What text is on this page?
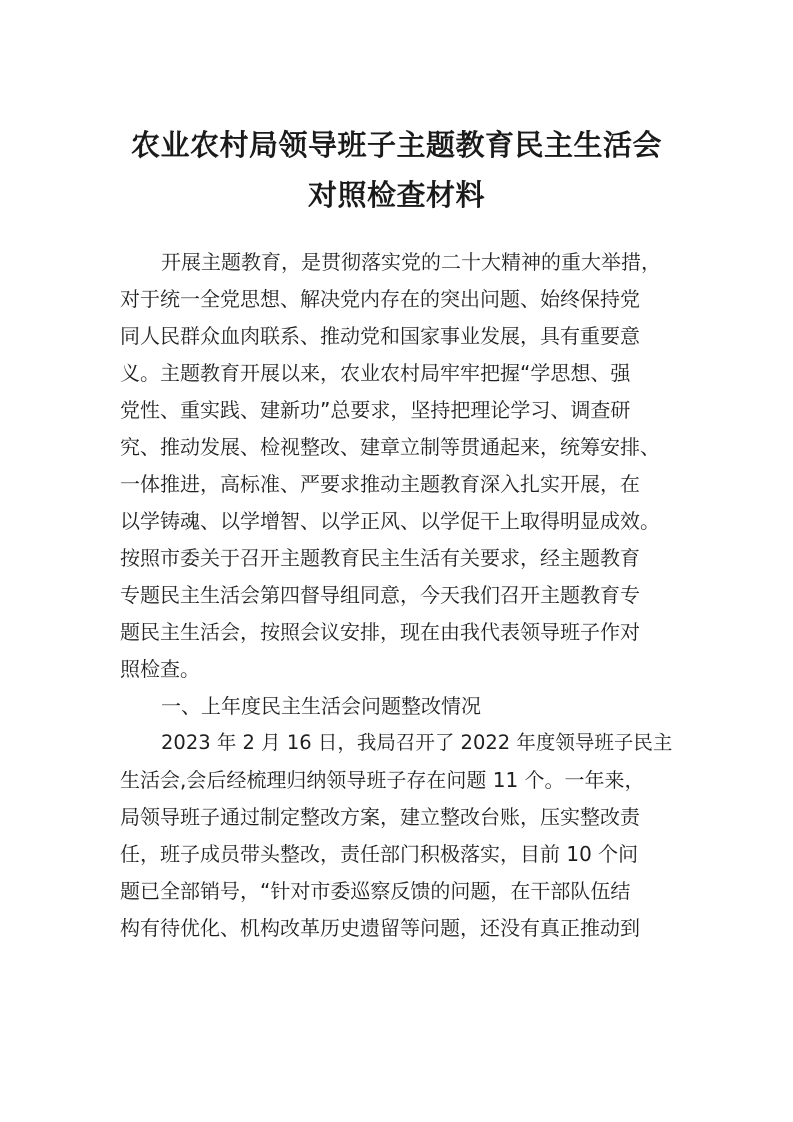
农业农村局领导班子主题教育民主生活会
对照检查材料
开展主题教育，是贯彻落实党的二十大精神的重大举措，
对于统一全党思想、解决党内存在的突出问题、始终保持党
同人民群众血肉联系、推动党和国家事业发展，具有重要意
义。主题教育开展以来，农业农村局牢牢把握“学思想、强
党性、重实践、建新功”总要求，坚持把理论学习、调查研
究、推动发展、检视整改、建章立制等贯通起来，统筹安排、
一体推进，高标准、严要求推动主题教育深入扎实开展，在
以学铸魂、以学增智、以学正风、以学促干上取得明显成效。
按照市委关于召开主题教育民主生活有关要求，经主题教育
专题民主生活会第四督导组同意，今天我们召开主题教育专
题民主生活会，按照会议安排，现在由我代表领导班子作对
照检查。
一、上年度民主生活会问题整改情况
2023 年 2 月 16 日，我局召开了 2022 年度领导班子民主
生活会,会后经梳理归纳领导班子存在问题 11 个。一年来，
局领导班子通过制定整改方案，建立整改台账，压实整改责
任，班子成员带头整改，责任部门积极落实，目前 10 个问
题已全部销号，“针对市委巡察反馈的问题，在干部队伍结
构有待优化、机构改革历史遗留等问题，还没有真正推动到
